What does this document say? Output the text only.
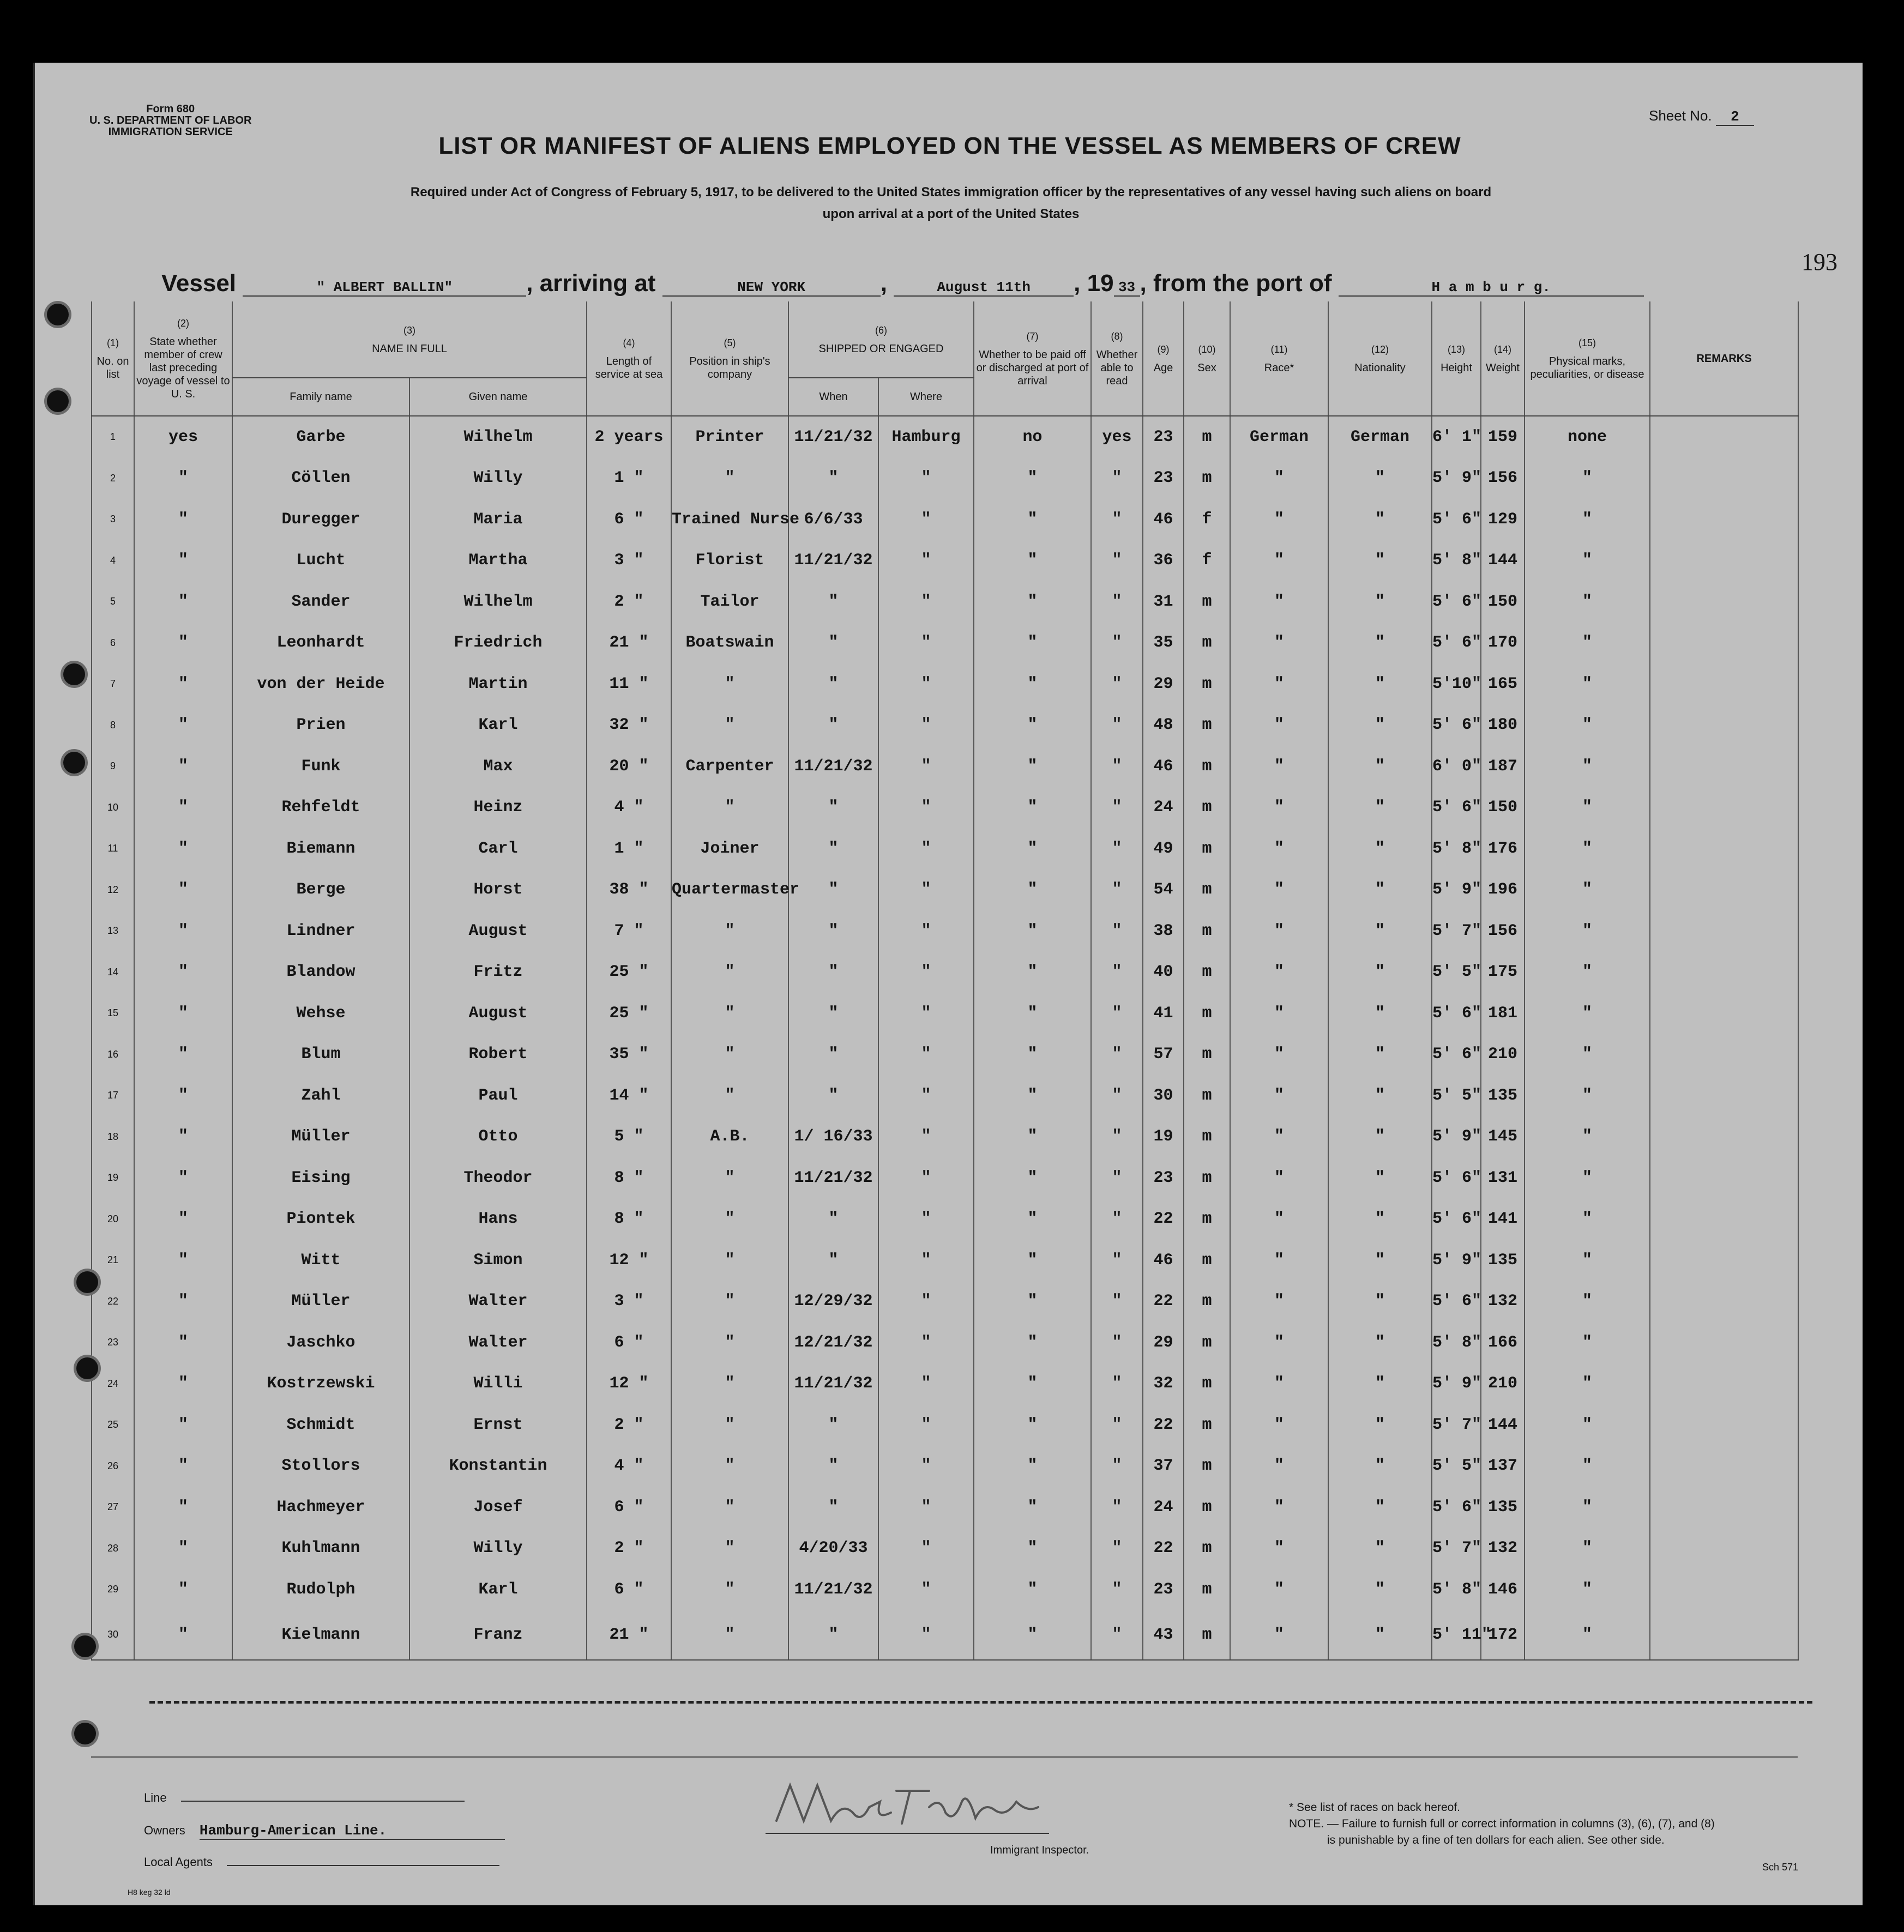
Form 680
U. S. DEPARTMENT OF LABOR
IMMIGRATION SERVICE
Sheet No. 2
LIST OR MANIFEST OF ALIENS EMPLOYED ON THE VESSEL AS MEMBERS OF CREW
Required under Act of Congress of February 5, 1917, to be delivered to the United States immigration officer by the representatives of any vessel having such aliens on board
upon arrival at a port of the United States
193
Vessel	" ALBERT BALLIN"	, arriving at	NEW YORK	,	August 11th , 19 33 , from the port of	H a m b u r g.
(1)
No. on list	(2)
State whether member of crew last preceding voyage of vessel to U. S.	(3)
NAME IN FULL		(4)
Length of service at sea	(5)
Position in ship's company	(6)
SHIPPED OR ENGAGED		(7)
Whether to be paid off or discharged at port of arrival	(8)
Whether able to read	(9)
Age	(10)
Sex	(11)
Race*	(12)
Nationality	(13)
Height	(14)
Weight	(15)
Physical marks, peculiarities, or disease	REMARKS
		Family name	Given name			When	Where										
1	yes	Garbe	Wilhelm	2 years	Printer	11/21/32	Hamburg	no	yes	23	m	German	German	6' 1"	159	none	
2	"	Cöllen	Willy	1 "	"	"	"	"	"	23	m	"	"	5' 9"	156	"	
3	"	Duregger	Maria	6 "	Trained Nurse	6/6/33	"	"	"	46	f	"	"	5' 6"	129	"	
4	"	Lucht	Martha	3 "	Florist	11/21/32	"	"	"	36	f	"	"	5' 8"	144	"	
5	"	Sander	Wilhelm	2 "	Tailor	"	"	"	"	31	m	"	"	5' 6"	150	"	
6	"	Leonhardt	Friedrich	21 "	Boatswain	"	"	"	"	35	m	"	"	5' 6"	170	"	
7	"	von der Heide	Martin	11 "	"	"	"	"	"	29	m	"	"	5'10"	165	"	
8	"	Prien	Karl	32 "	"	"	"	"	"	48	m	"	"	5' 6"	180	"	
9	"	Funk	Max	20 "	Carpenter	11/21/32	"	"	"	46	m	"	"	6' 0"	187	"	
10	"	Rehfeldt	Heinz	4 "	"	"	"	"	"	24	m	"	"	5' 6"	150	"	
11	"	Biemann	Carl	1 "	Joiner	"	"	"	"	49	m	"	"	5' 8"	176	"	
12	"	Berge	Horst	38 "	Quartermaster	"	"	"	"	54	m	"	"	5' 9"	196	"	
13	"	Lindner	August	7 "	"	"	"	"	"	38	m	"	"	5' 7"	156	"	
14	"	Blandow	Fritz	25 "	"	"	"	"	"	40	m	"	"	5' 5"	175	"	
15	"	Wehse	August	25 "	"	"	"	"	"	41	m	"	"	5' 6"	181	"	
16	"	Blum	Robert	35 "	"	"	"	"	"	57	m	"	"	5' 6"	210	"	
17	"	Zahl	Paul	14 "	"	"	"	"	"	30	m	"	"	5' 5"	135	"	
18	"	Müller	Otto	5 "	A.B.	1/ 16/33	"	"	"	19	m	"	"	5' 9"	145	"	
19	"	Eising	Theodor	8 "	"	11/21/32	"	"	"	23	m	"	"	5' 6"	131	"	
20	"	Piontek	Hans	8 "	"	"	"	"	"	22	m	"	"	5' 6"	141	"	
21	"	Witt	Simon	12 "	"	"	"	"	"	46	m	"	"	5' 9"	135	"	
22	"	Müller	Walter	3 "	"	12/29/32	"	"	"	22	m	"	"	5' 6"	132	"	
23	"	Jaschko	Walter	6 "	"	12/21/32	"	"	"	29	m	"	"	5' 8"	166	"	
24	"	Kostrzewski	Willi	12 "	"	11/21/32	"	"	"	32	m	"	"	5' 9"	210	"	
25	"	Schmidt	Ernst	2 "	"	"	"	"	"	22	m	"	"	5' 7"	144	"	
26	"	Stollors	Konstantin	4 "	"	"	"	"	"	37	m	"	"	5' 5"	137	"	
27	"	Hachmeyer	Josef	6 "	"	"	"	"	"	24	m	"	"	5' 6"	135	"	
28	"	Kuhlmann	Willy	2 "	"	4/20/33	"	"	"	22	m	"	"	5' 7"	132	"	
29	"	Rudolph	Karl	6 "	"	11/21/32	"	"	"	23	m	"	"	5' 8"	146	"	
30	"	Kielmann	Franz	21 "	"	"	"	"	"	43	m	"	"	5' 11"	172	"	
Line
Owners Hamburg-American Line.
Local Agents
Immigrant Inspector.
* See list of races on back hereof.
NOTE. — Failure to furnish full or correct information in columns (3), (6), (7), and (8)
is punishable by a fine of ten dollars for each alien. See other side.
Sch 571
H8 keg 32 ld
